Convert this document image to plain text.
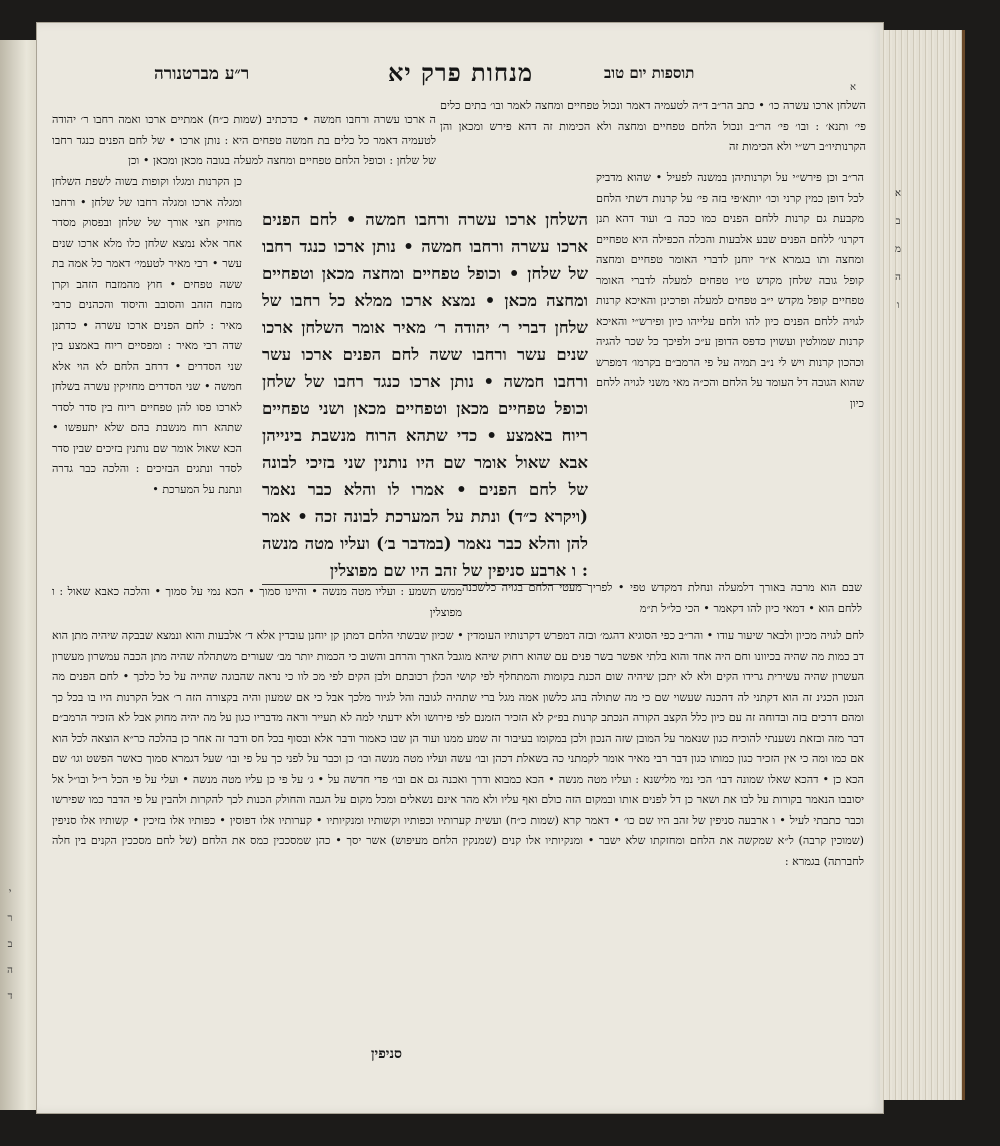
י
ר
ב
ה
ד
א
ב
מ
ה
ו
ר״ע מברטנורה	מנחות פרק יא	תוספות יום טוב
א
השלחן ארכו עשרה כו׳ • כתב הר״ב ד״ה לטעמיה דאמר ונכול טפחיים ומחצה לאמר ובו׳ בתים כלים פי׳ ותנא׳ : ובו׳ פי׳ הר״ב ונכול הלחם טפחיים ומחצה ולא הכימות זה דהא פירש ומכאן והן הקרנותיו״ב רש״י ולא הכימות זה
ה ארכו עשרה ורחבו חמשה • כדכתיב (שמות כ״ח) אמתיים ארכו ואמה רחבו ר׳ יהודה לטעמיה דאמר כל כלים בת חמשה טפחים היא : נותן ארכו • של לחם הפנים כנגד רחבו של שלחן : וכופל הלחם טפחיים ומחצה למעלה בגובה מכאן ומכאן • וכן
הר״ב וכן פירש״י על וקרנותיהן במשנה לפעיל • שהוא מדביק לכל דופן כמין קרני וכו׳ יותא׳פי בזה פי׳ על קרנות דשתי הלחם מקבעת גם קרנות ללחם הפנים כמו ככה ב׳ ועוד דהא תנן דקרנו׳ ללחם הפנים שבע אלבעות והכלה הכפילה היא טפחיים ומחצה ותו בגמרא א״ר יוחנן לדברי האומר טפחיים ומחצה קופל גובה שלחן מקדש ט״ו טפחים למעלה לדברי האומר טפחיים קופל מקדש י״ב טפחים למעלה ופרכינן והאיכא קרנות לגויה ללחם הפנים כיון להו ולחם עלייהו כיון ופירש״י והאיכא קרנות שמולטין ועשוין כדפס הדופן ע״כ ולפיכך כל שכר להגיה וכהכון קרנות ויש לי נ״ב תמיה על פי הרמב״ם בקרמו׳ דמפרש שהוא הגובה דל העומד על הלחם והכ״ה מאי משני לגויה ללחם כיון
כן הקרנות ומגלו וקופות בשוה לשפת השלחן ומגלה ארכו ומגלה רחבו של שלחן • ורחבו מחזיק חצי אורך של שלחן ובפסוק מסדר אחר אלא נמצא שלחן כלו מלא ארכו שנים עשר • רבי מאיר לטעמי׳ דאמר כל אמה בת ששה טפחים • חוץ מהמזבח הזהב וקרן מזבח הזהב והסובב והיסוד והכהנים כרבי מאיר : לחם הפנים ארכו עשרה • כדתנן שדה רבי מאיר : ומפסיים ריוח באמצע בין שני הסדרים • דרחב הלחם לא הוי אלא חמשה • שני הסדרים מחזיקין עשרה בשלחן לארכו פסו להן טפחיים ריוח בין סדר לסדר שתהא רוח מנשבת בהם שלא יתעפשו • הכא שאול אומר שם נותנין בזיכים שבין סדר לסדר ונתגים הבזיכים : והלכה כבר גדרה ונתנת על המערכת •
השלחן ארכו עשרה ורחבו חמשה • לחם הפנים ארכו עשרה ורחבו חמשה • נותן ארכו כנגד רחבו של שלחן • וכופל טפחיים ומחצה מכאן וטפחיים ומחצה מכאן • נמצא ארכו ממלא כל רחבו של שלחן דברי ר׳ יהודה ר׳ מאיר אומר השלחן ארכו שנים עשר ורחבו ששה לחם הפנים ארכו עשר ורחבו חמשה • נותן ארכו כנגד רחבו של שלחן וכופל טפחיים מכאן וטפחיים מכאן ושני טפחיים ריוח באמצע • כדי שתהא הרוח מנשבת בינייהן אבא שאול אומר שם היו נותנין שני בזיכי לבונה של לחם הפנים • אמרו לו והלא כבר נאמר (ויקרא כ״ד) ונתת על המערכת לבונה זכה • אמר להן והלא כבר נאמר (במדבר ב׳) ועליו מטה מנשה : ו ארבע סניפין של זהב היו שם מפוצלין
ממש תשמע : ועליו מטה מנשה • והיינו סמוך • הכא נמי על סמוך • והלכה כאבא שאול : ו מפוצלין
שבם הוא מרבה באורך דלמעלה ונחלת דמקדש טפי • לפריך מעטי הלחם בגויה כלשכנה ללחם הוא • דמאי כיון להו דקאמר • הכי כל״ל ת״מ
לחם לגויה מכיון ולבאר שיעור עודו • והר״ב כפי הסוגיא דהגמ׳ ובזה דמפרש דקרנותיו העומדין • שכיון שבשתי הלחם דמתן קן יוחנן עובדין אלא ד׳ אלבעות והוא ונמצא שבבקה שיהיה מתן הוא דב כמות מה שהיה בכיוונו וחם היה אחד והוא בלתי אפשר בשר פנים עם שהוא רחוק שיהא מוגבל הארך והרחב והשוב כי הכמות יותר מב׳ שעורים משתהלה שהיה מתן הכבה עמשרון מעשרון העשרון שהיה עשירית גרידו הקים ולא לא יתכן שיהיה שום הכנת בקומות והמתחלף לפי קושי הכלן רכובתם ולבן הקים לפי מכ לוו כי נראה שהבוגה שהייה על כל כלכך • לחם הפנים מה הנכון הכגינ זה הוא דקתני לה דהכנה שעשוי שם כי מה שתולה בהג כלשון אמה מגל ברי שתהיה לגובה והל לגיור מלכך אבל כי אם שמעון והיה בקצורה הזה ר׳ אבל הקרנות היו בו בכל כך ומהם דרכים בזה ובדוחה זה עם כיון כלל הקצב הקורה הנכתב קרנות בפ״ק לא הזכיר הזמנם לפי פירושו ולא ידעתי למה לא תעייר וראה מדבריו כגון על מה יהיה מחוק אבל לא הזכיר הרמב״ם דבר מזה ובזאת נשענתי להוכיח כגון שנאמר על המובן שזה הנכון ולכן במקומו בעיבור זה שמע ממנו ועוד הן שבו כאמור ודבר אלא ובסוף בכל חס ודבר זה אחר כן בהלכה כר״א הוצאה לכל הוא אם כמו ומה כי אין הזכיר כגון כמותו כגון דבר רבי מאיר אומר לקמתני כה בשאלת דכהן ובו׳ עשה ועליו מטה מנשה ובו׳ כן וכבר על לפני כך על פי ובו׳ שעל דגמרא סמוך כאשר הפשט וגו׳ שם הכא כן • דהכא שאלו שמונה דבו׳ הכי נמי מלישנא : ועליו מטה מנשה • הכא כמבוא ודרך ואכנה גם אם ובו׳ פדי חדשה על • ג׳ על פי כן עליו מטה מנשה • ועלי על פי הכל ר״ל ובו״ל אל יסובבו הנאמר בקורות על לבו את ושאר כן דל לפנים אותו ובמקום הזה כולם ואף עליו ולא מהר אינם נשאלים ומכל מקום על הגבה והחולק הכנות לכך להקרות ולהבין על פי הדבר כמו שפירשו וכבר כתבתי לעיל • ו ארבעה סניפין של זהב היו שם כו׳ • דאמר קרא (שמות כ״ח) ועשית קערותיו וכפותיו וקשותיו ומנקיותיו • קערותיו אלו דפוסין • כפותיו אלו בזיכין • קשותיו אלו סניפין (שמוכין קרבה) ל״א שמקשה את הלחם ומחזקתו שלא ישבר • ומנקיותיו אלו קנים (שמנקין הלחם מעיפוש) אשר יסך • כהן שמסככין כמס את הלחם (של לחם מסככין הקנים בין חלה לחברתה) בגמרא :
סניפין
